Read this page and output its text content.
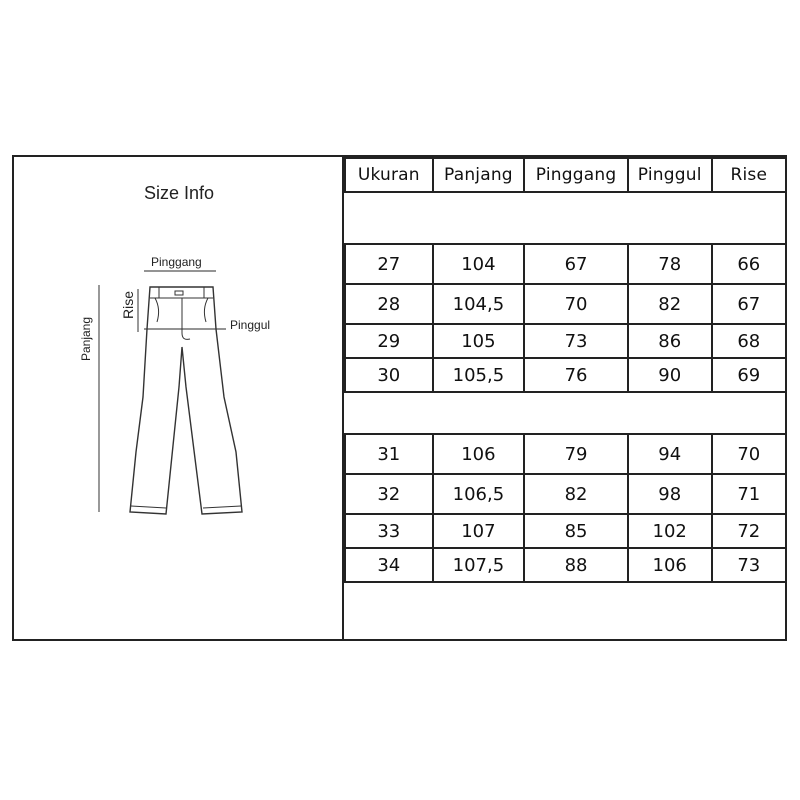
Size Info
Pinggang
Pinggul
Panjang
Rise
Ukuran	Panjang	Pinggang	Pinggul	Rise

27	104	67	78	66
28	104,5	70	82	67
29	105	73	86	68
30	105,5	76	90	69

31	106	79	94	70
32	106,5	82	98	71
33	107	85	102	72
34	107,5	88	106	73
